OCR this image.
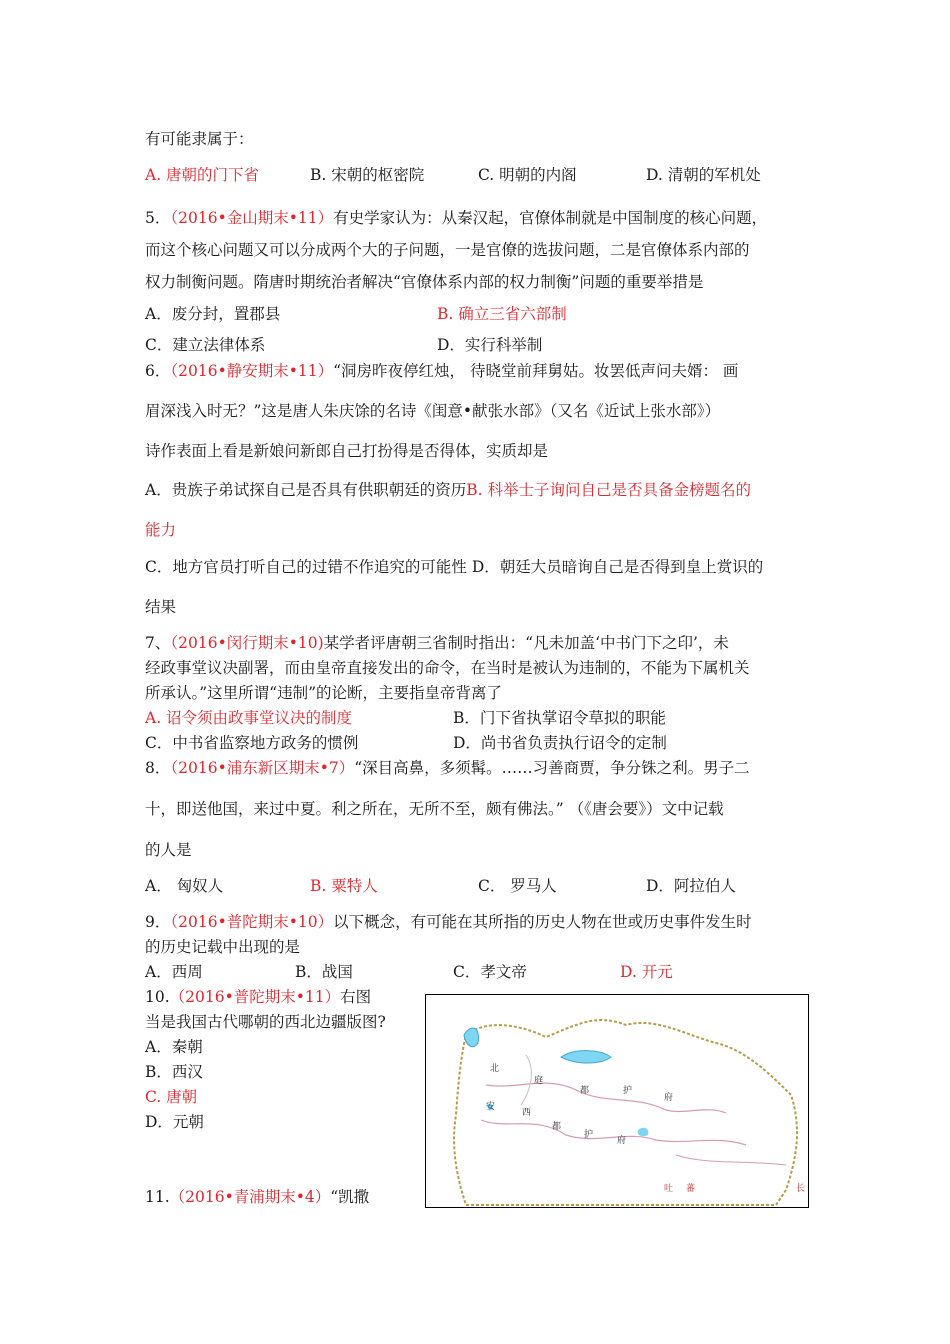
有可能隶属于：
A. 唐朝的门下省	B. 宋朝的枢密院	C. 明朝的内阁	D. 清朝的军机处
5．（2016•金山期末•11）有史学家认为：从秦汉起，官僚体制就是中国制度的核心问题，
而这个核心问题又可以分成两个大的子问题，一是官僚的选拔问题，二是官僚体系内部的
权力制衡问题。隋唐时期统治者解决“官僚体系内部的权力制衡”问题的重要举措是
A．废分封，置郡县	B. 确立三省六部制
C．建立法律体系	D．实行科举制
6．（2016•静安期末•11）“洞房昨夜停红烛， 待晓堂前拜舅姑。妆罢低声问夫婿： 画
眉深浅入时无？”这是唐人朱庆馀的名诗《闺意•献张水部》（又名《近试上张水部》）
诗作表面上看是新娘问新郎自己打扮得是否得体，实质却是
A．贵族子弟试探自己是否具有供职朝廷的资历B. 科举士子询问自己是否具备金榜题名的
能力
C．地方官员打听自己的过错不作追究的可能性 D．朝廷大员暗询自己是否得到皇上赏识的
结果
7、（2016•闵行期末•10)某学者评唐朝三省制时指出：“凡未加盖‘中书门下之印’，未
经政事堂议决副署，而由皇帝直接发出的命令，在当时是被认为违制的，不能为下属机关
所承认。”这里所谓“违制”的论断，主要指皇帝背离了
A. 诏令须由政事堂议决的制度	B．门下省执掌诏令草拟的职能
C．中书省监察地方政务的惯例	D．尚书省负责执行诏令的定制
8．（2016•浦东新区期末•7）“深目高鼻，多须髯。……习善商贾，争分铢之利。男子二
十，即送他国，来过中夏。利之所在，无所不至，颇有佛法。” （《唐会要》）文中记载
的人是
A． 匈奴人	B. 粟特人	C． 罗马人	D．阿拉伯人
9．（2016•普陀期末•10）以下概念，有可能在其所指的历史人物在世或历史事件发生时
的历史记载中出现的是
A．西周	B．战国	C．孝文帝	D. 开元
10.（2016•普陀期末•11）右图
当是我国古代哪朝的西北边疆版图?
A．秦朝
B．西汉
C. 唐朝
D．元朝
北
庭
都	护
府
安
西
都
护
府
吐 蕃	长
11.（2016•青浦期末•4）“凯撒
